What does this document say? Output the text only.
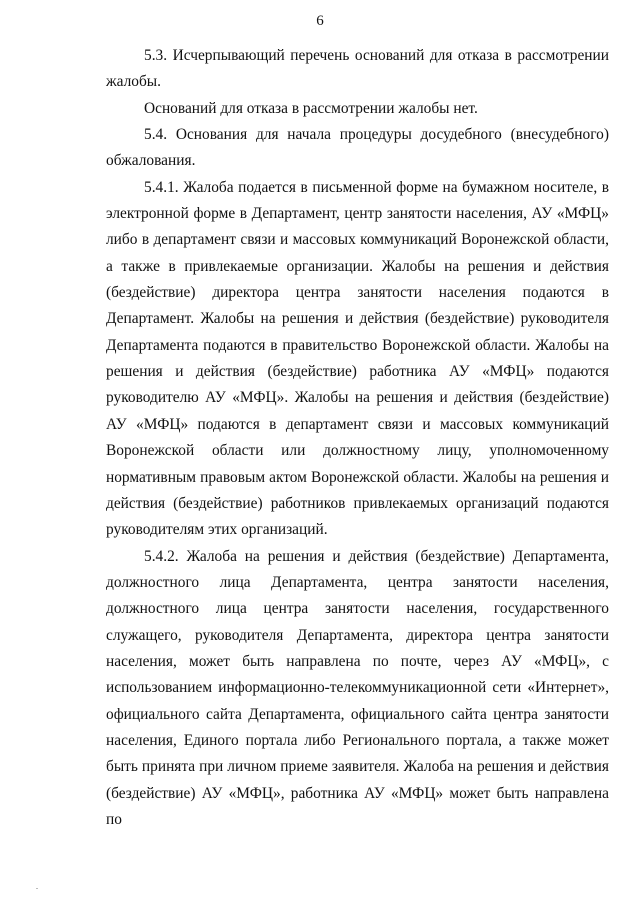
6

5.3. Исчерпывающий перечень оснований для отказа в рассмотрении жалобы.

Оснований для отказа в рассмотрении жалобы нет.

5.4. Основания для начала процедуры досудебного (внесудебного) обжалования.

5.4.1. Жалоба подается в письменной форме на бумажном носителе, в электронной форме в Департамент, центр занятости населения, АУ «МФЦ» либо в департамент связи и массовых коммуникаций Воронежской области, а также в привлекаемые организации. Жалобы на решения и действия (бездействие) директора центра занятости населения подаются в Департамент. Жалобы на решения и действия (бездействие) руководителя Департамента подаются в правительство Воронежской области. Жалобы на решения и действия (бездействие) работника АУ «МФЦ» подаются руководителю АУ «МФЦ». Жалобы на решения и действия (бездействие) АУ «МФЦ» подаются в департамент связи и массовых коммуникаций Воронежской области или должностному лицу, уполномоченному нормативным правовым актом Воронежской области. Жалобы на решения и действия (бездействие) работников привлекаемых организаций подаются руководителям этих организаций.

5.4.2. Жалоба на решения и действия (бездействие) Департамента, должностного лица Департамента, центра занятости населения, должностного лица центра занятости населения, государственного служащего, руководителя Департамента, директора центра занятости населения, может быть направлена по почте, через АУ «МФЦ», с использованием информационно-телекоммуникационной сети «Интернет», официального сайта Департамента, официального сайта центра занятости населения, Единого портала либо Регионального портала, а также может быть принята при личном приеме заявителя. Жалоба на решения и действия (бездействие) АУ «МФЦ», работника АУ «МФЦ» может быть направлена по
